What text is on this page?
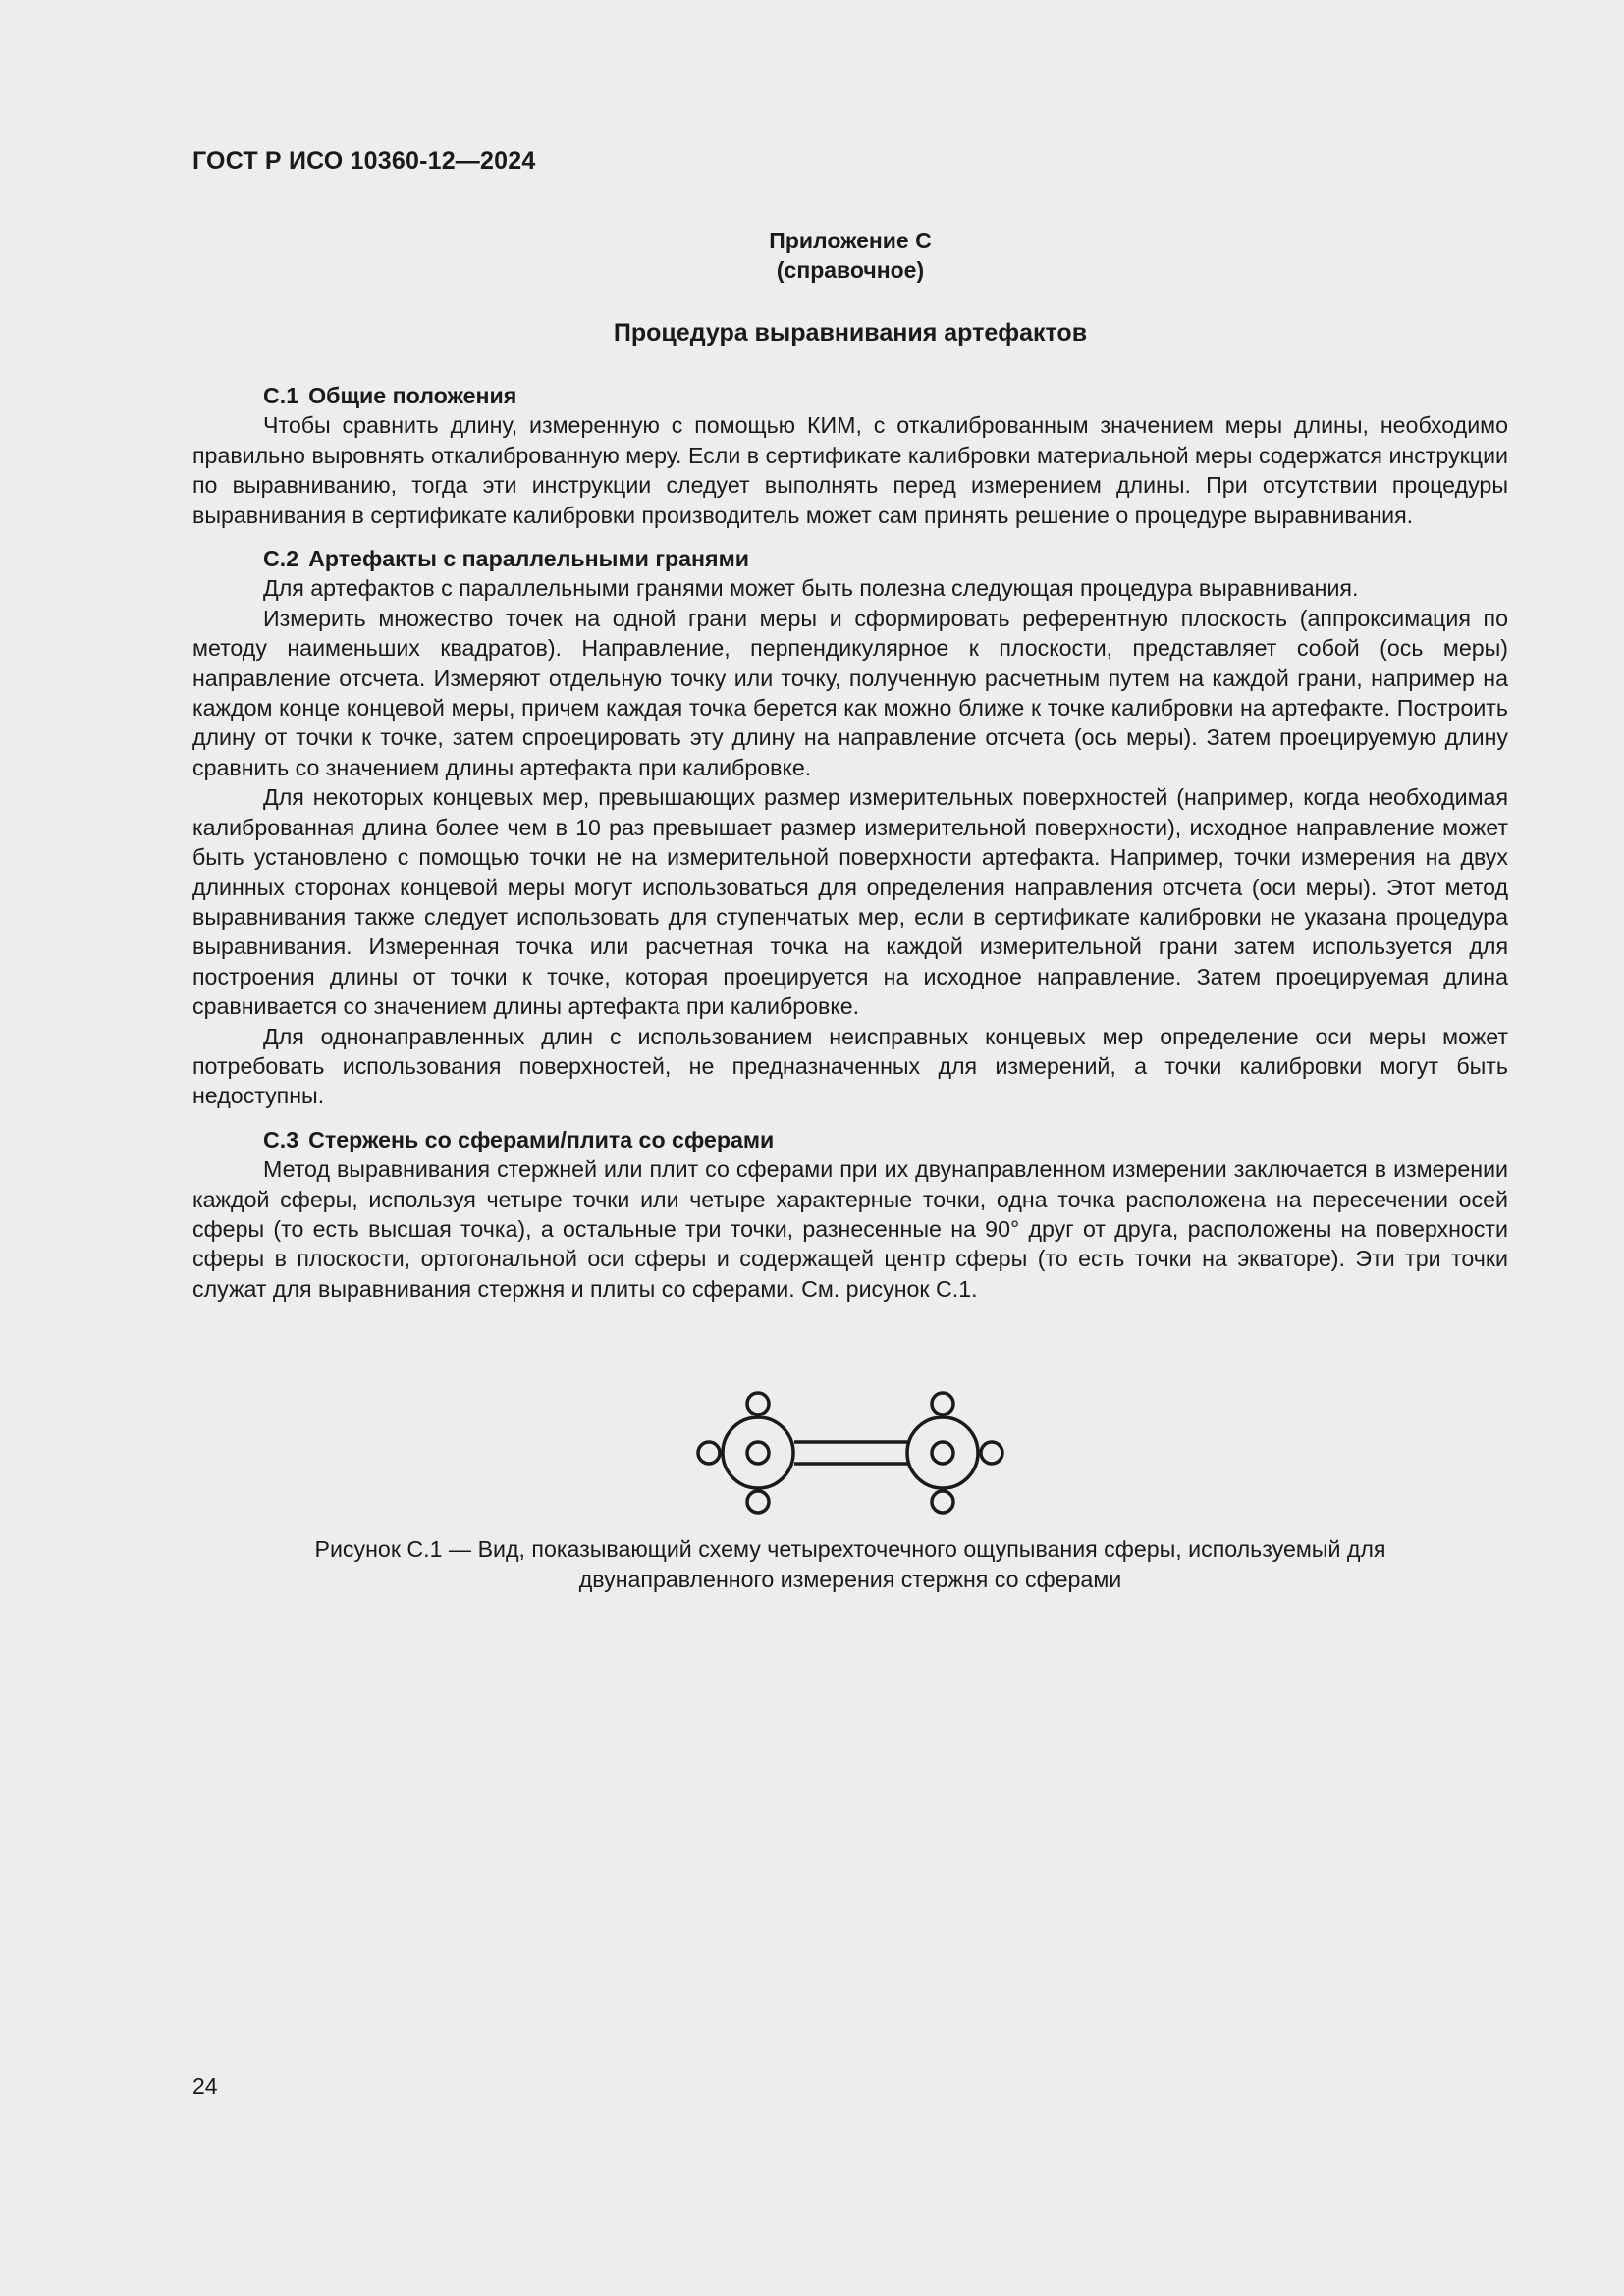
ГОСТ Р ИСО 10360-12—2024
Приложение С
(справочное)
Процедура выравнивания артефактов

С.1 Общие положения

Чтобы сравнить длину, измеренную с помощью КИМ, с откалиброванным значением меры длины, необходимо правильно выровнять откалиброванную меру. Если в сертификате калибровки материальной меры содержатся инструкции по выравниванию, тогда эти инструкции следует выполнять перед измерением длины. При отсутствии процедуры выравнивания в сертификате калибровки производитель может сам принять решение о процедуре выравнивания.

С.2 Артефакты с параллельными гранями

Для артефактов с параллельными гранями может быть полезна следующая процедура выравнивания.

Измерить множество точек на одной грани меры и сформировать референтную плоскость (аппроксимация по методу наименьших квадратов). Направление, перпендикулярное к плоскости, представляет собой (ось меры) направление отсчета. Измеряют отдельную точку или точку, полученную расчетным путем на каждой грани, например на каждом конце концевой меры, причем каждая точка берется как можно ближе к точке калибровки на артефакте. Построить длину от точки к точке, затем спроецировать эту длину на направление отсчета (ось меры). Затем проецируемую длину сравнить со значением длины артефакта при калибровке.

Для некоторых концевых мер, превышающих размер измерительных поверхностей (например, когда необходимая калиброванная длина более чем в 10 раз превышает размер измерительной поверхности), исходное направление может быть установлено с помощью точки не на измерительной поверхности артефакта. Например, точки измерения на двух длинных сторонах концевой меры могут использоваться для определения направления отсчета (оси меры). Этот метод выравнивания также следует использовать для ступенчатых мер, если в сертификате калибровки не указана процедура выравнивания. Измеренная точка или расчетная точка на каждой измерительной грани затем используется для построения длины от точки к точке, которая проецируется на исходное направление. Затем проецируемая длина сравнивается со значением длины артефакта при калибровке.

Для однонаправленных длин с использованием неисправных концевых мер определение оси меры может потребовать использования поверхностей, не предназначенных для измерений, а точки калибровки могут быть недоступны.

С.3 Стержень со сферами/плита со сферами

Метод выравнивания стержней или плит со сферами при их двунаправленном измерении заключается в измерении каждой сферы, используя четыре точки или четыре характерные точки, одна точка расположена на пересечении осей сферы (то есть высшая точка), а остальные три точки, разнесенные на 90° друг от друга, расположены на поверхности сферы в плоскости, ортогональной оси сферы и содержащей центр сферы (то есть точки на экваторе). Эти три точки служат для выравнивания стержня и плиты со сферами. См. рисунок С.1.

Рисунок С.1 — Вид, показывающий схему четырехточечного ощупывания сферы, используемый для
двунаправленного измерения стержня со сферами
24
